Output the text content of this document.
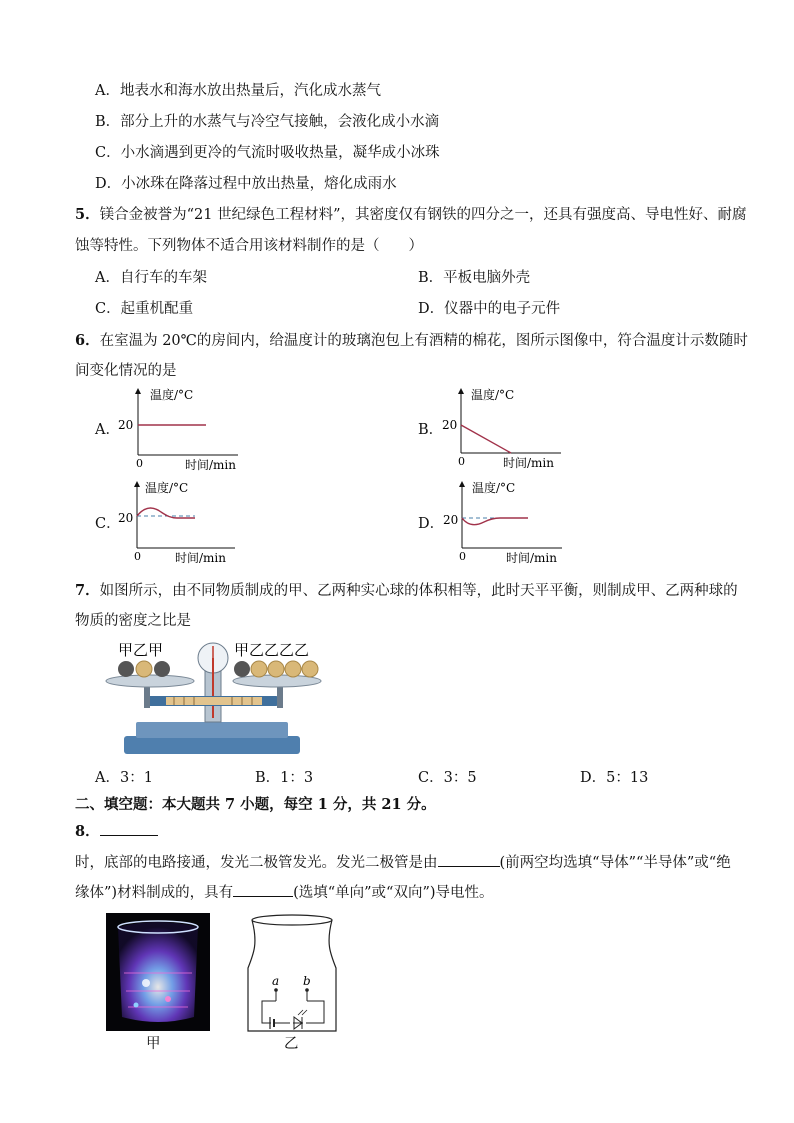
A．地表水和海水放出热量后，汽化成水蒸气
B．部分上升的水蒸气与冷空气接触，会液化成小水滴
C．小水滴遇到更冷的气流时吸收热量，凝华成小冰珠
D．小冰珠在降落过程中放出热量，熔化成雨水
5．镁合金被誉为“21 世纪绿色工程材料”，其密度仅有钢铁的四分之一，还具有强度高、导电性好、耐腐
蚀等特性。下列物体不适合用该材料制作的是（　　）
A．自行车的车架	B．平板电脑外壳
C．起重机配重	D．仪器中的电子元件
6．在室温为 20℃的房间内，给温度计的玻璃泡包上有酒精的棉花，图所示图像中，符合温度计示数随时
间变化情况的是
A．	B．
C．	D．
温度/°C
20
0	时间/min
温度/°C
20
0	时间/min
温度/°C
20
0	时间/min
温度/°C
20
0	时间/min
7．如图所示，由不同物质制成的甲、乙两种实心球的体积相等，此时天平平衡，则制成甲、乙两种球的
物质的密度之比是
甲乙甲	甲乙乙乙乙
A．3：1	B．1：3	C．3：5	D．5：13
二、填空题：本大题共 7 小题，每空 1 分，共 21 分。
8．
时，底部的电路接通，发光二极管发光。发光二极管是由	(前两空均选填“导体”“半导体”或“绝
缘体”)材料制成的，具有	(选填“单向”或“双向”)导电性。
甲
a b
乙
